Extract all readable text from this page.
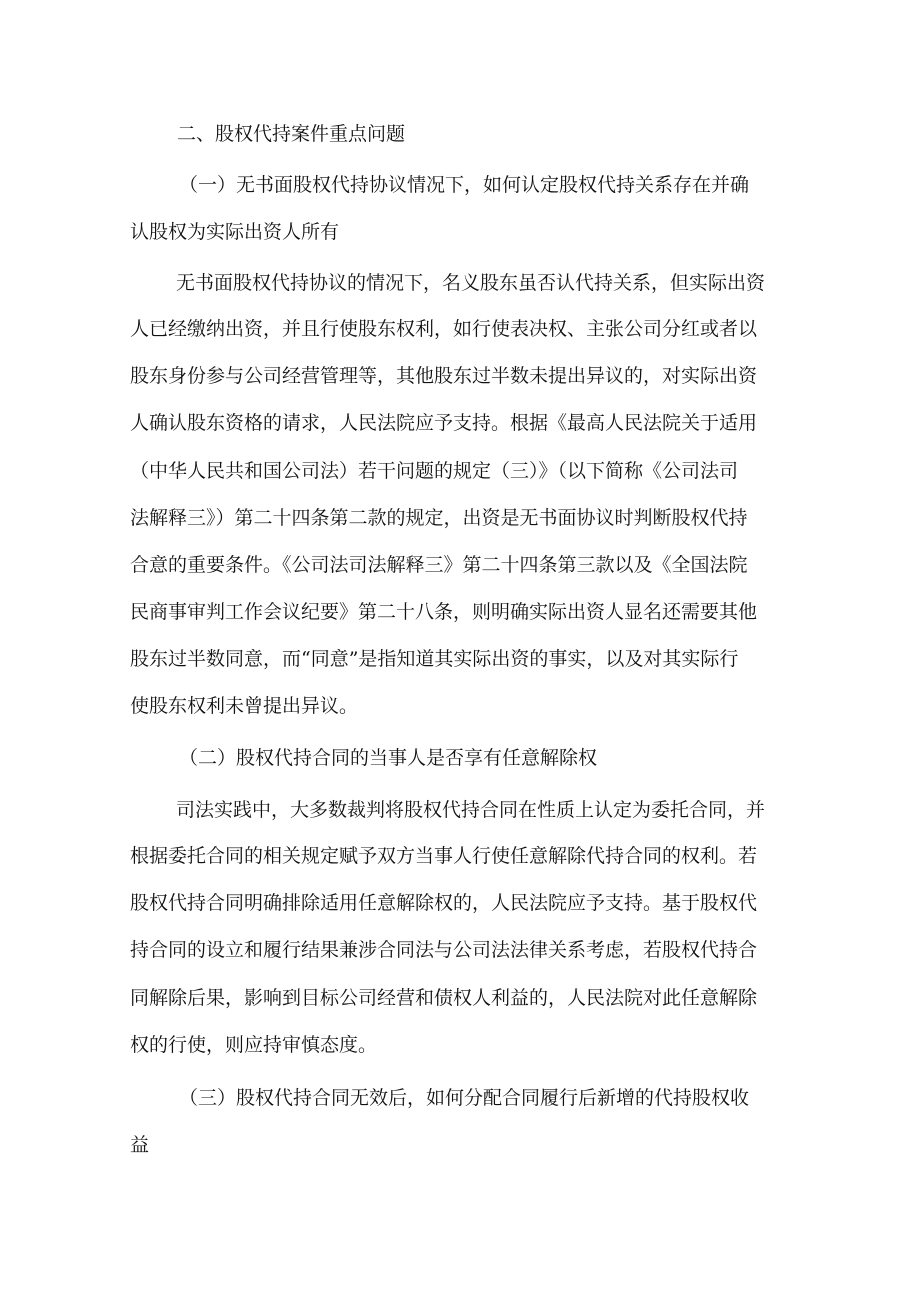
二、股权代持案件重点问题
（一）无书面股权代持协议情况下，如何认定股权代持关系存在并确
认股权为实际出资人所有
无书面股权代持协议的情况下，名义股东虽否认代持关系，但实际出资
人已经缴纳出资，并且行使股东权利，如行使表决权、主张公司分红或者以
股东身份参与公司经营管理等，其他股东过半数未提出异议的，对实际出资
人确认股东资格的请求，人民法院应予支持。根据《最高人民法院关于适用
（中华人民共和国公司法）若干问题的规定（三）》（以下简称《公司法司
法解释三》）第二十四条第二款的规定，出资是无书面协议时判断股权代持
合意的重要条件。《公司法司法解释三》第二十四条第三款以及《全国法院
民商事审判工作会议纪要》第二十八条，则明确实际出资人显名还需要其他
股东过半数同意，而“同意”是指知道其实际出资的事实，以及对其实际行
使股东权利未曾提出异议。
（二）股权代持合同的当事人是否享有任意解除权
司法实践中，大多数裁判将股权代持合同在性质上认定为委托合同，并
根据委托合同的相关规定赋予双方当事人行使任意解除代持合同的权利。若
股权代持合同明确排除适用任意解除权的，人民法院应予支持。基于股权代
持合同的设立和履行结果兼涉合同法与公司法法律关系考虑，若股权代持合
同解除后果，影响到目标公司经营和债权人利益的，人民法院对此任意解除
权的行使，则应持审慎态度。
（三）股权代持合同无效后，如何分配合同履行后新增的代持股权收
益
